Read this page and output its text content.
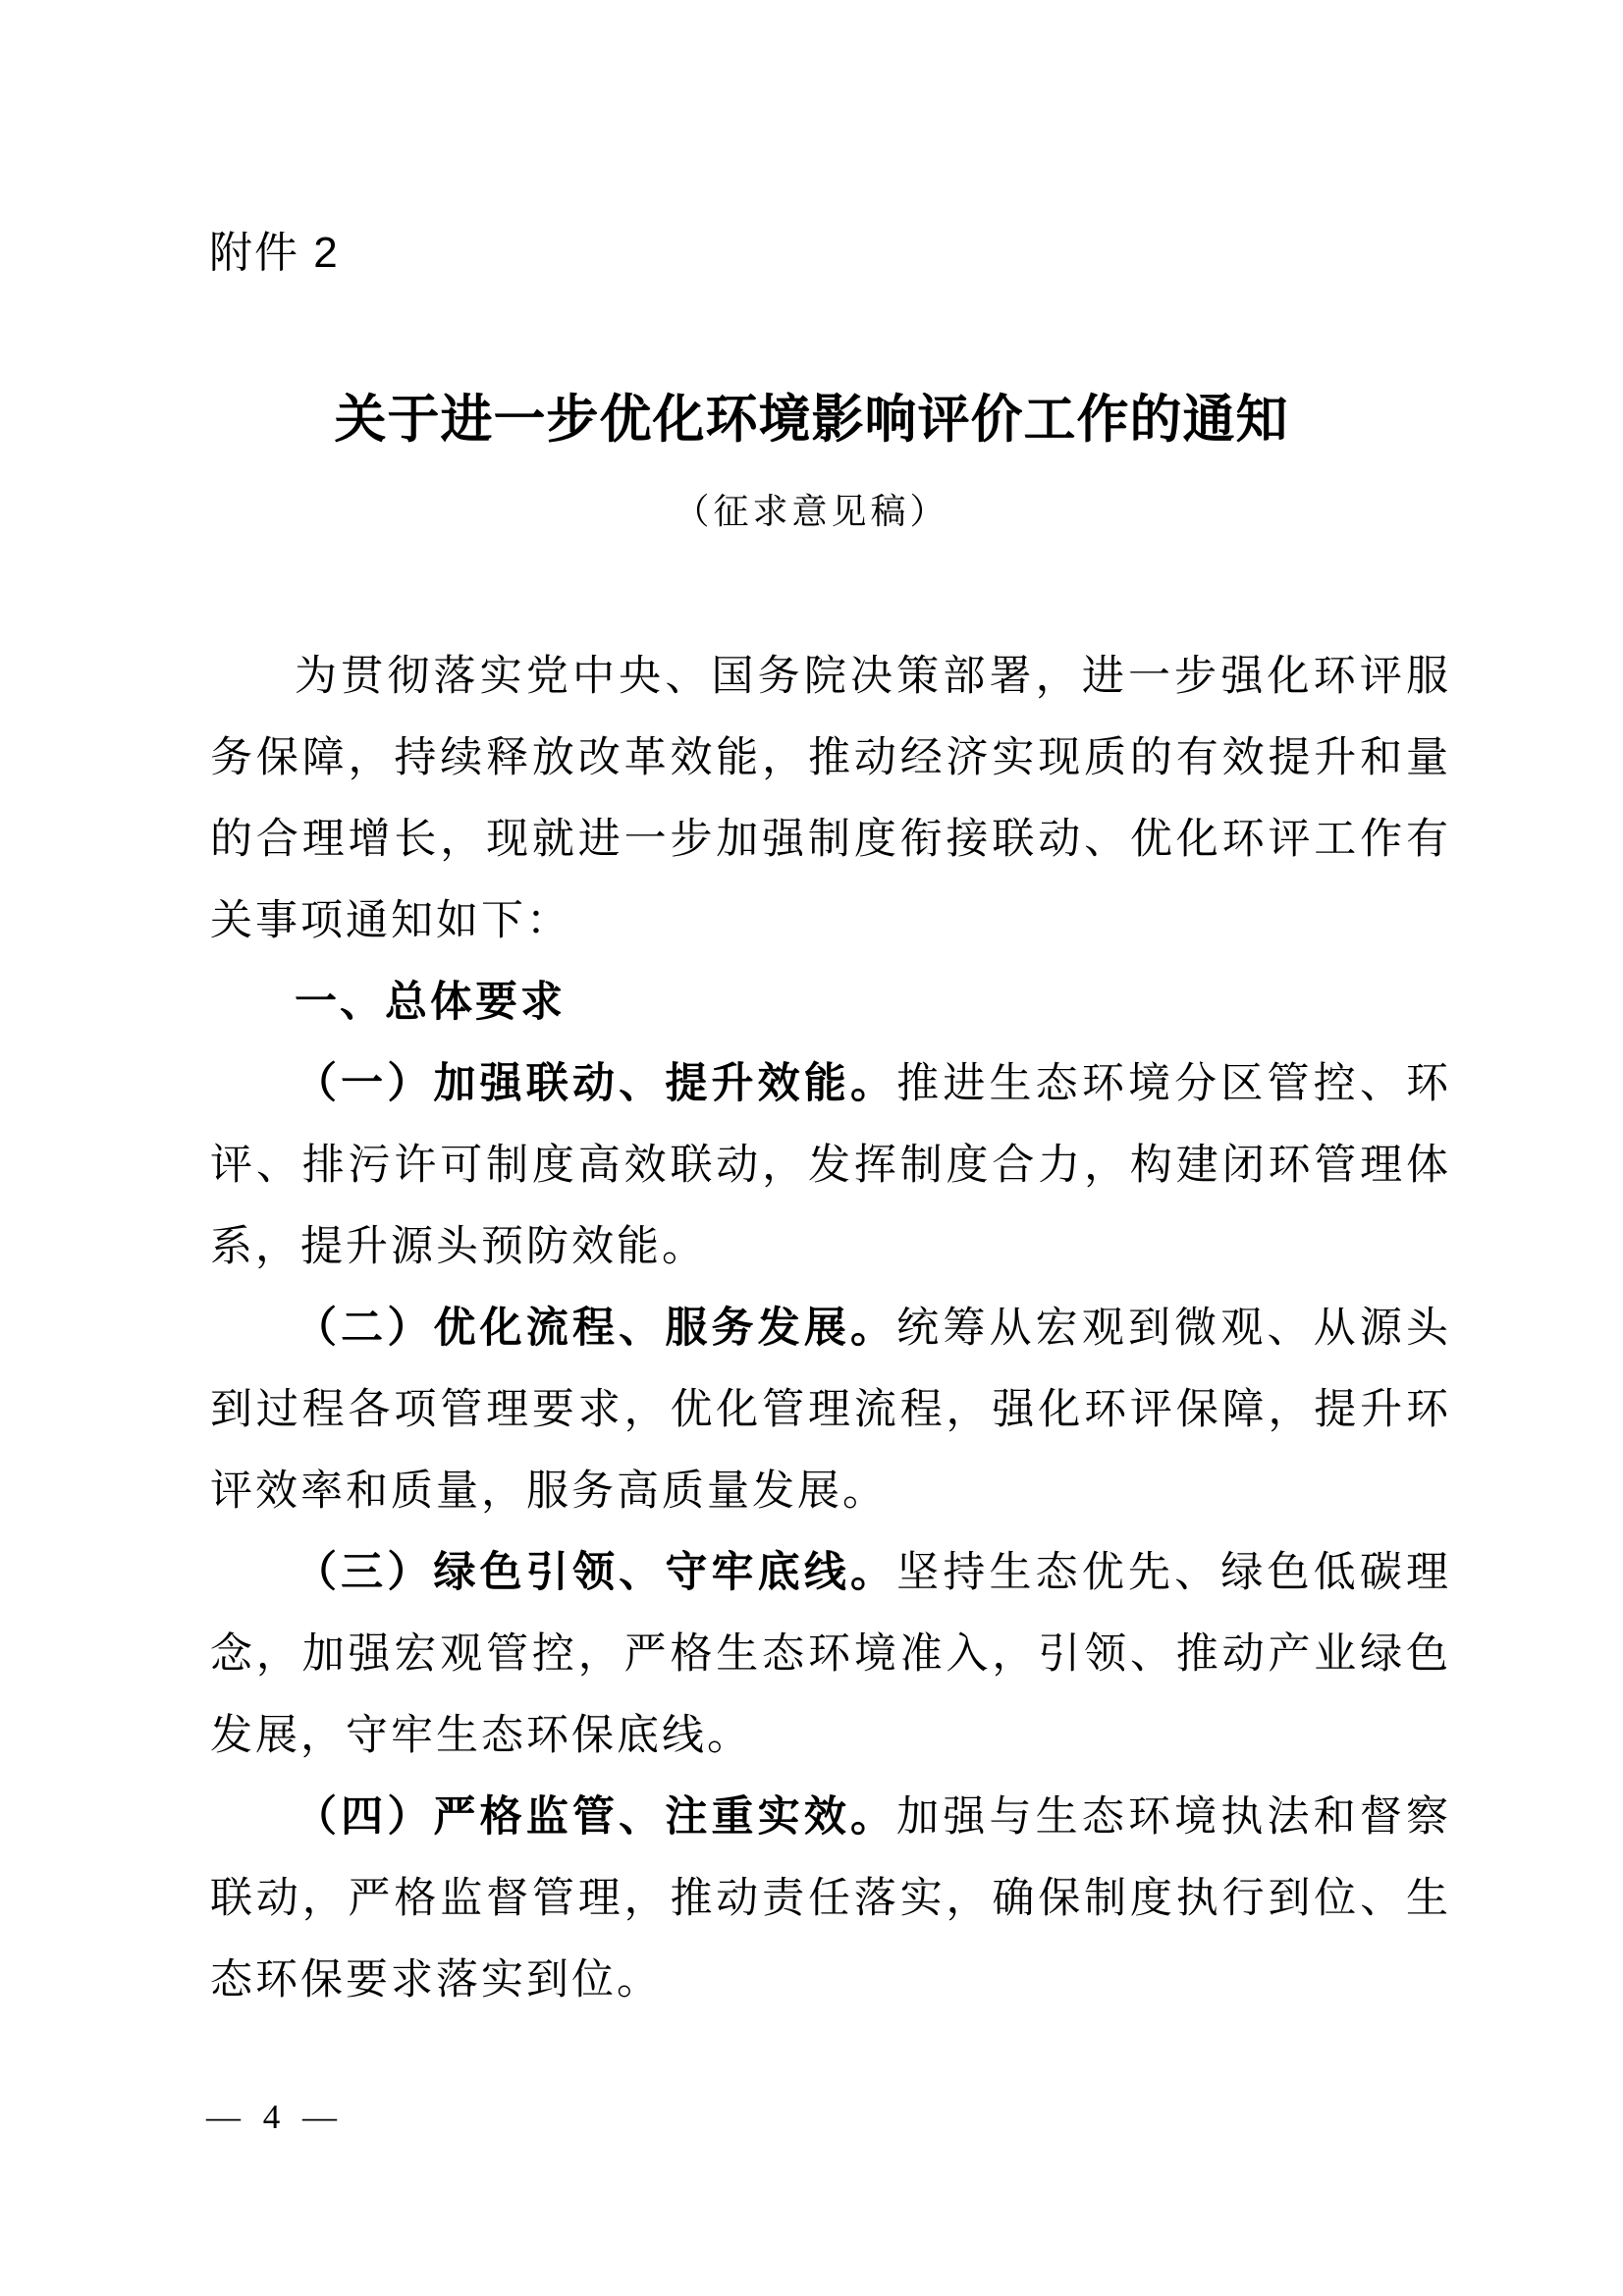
附件 2
关于进一步优化环境影响评价工作的通知
（征求意见稿）

为贯彻落实党中央、国务院决策部署，进一步强化环评服务保障，持续释放改革效能，推动经济实现质的有效提升和量的合理增长，现就进一步加强制度衔接联动、优化环评工作有关事项通知如下：

一、总体要求

（一）加强联动、提升效能。推进生态环境分区管控、环评、排污许可制度高效联动，发挥制度合力，构建闭环管理体系，提升源头预防效能。

（二）优化流程、服务发展。统筹从宏观到微观、从源头到过程各项管理要求，优化管理流程，强化环评保障，提升环评效率和质量，服务高质量发展。

（三）绿色引领、守牢底线。坚持生态优先、绿色低碳理念，加强宏观管控，严格生态环境准入，引领、推动产业绿色发展，守牢生态环保底线。

（四）严格监管、注重实效。加强与生态环境执法和督察联动，严格监督管理，推动责任落实，确保制度执行到位、生态环保要求落实到位。

— 4 —
